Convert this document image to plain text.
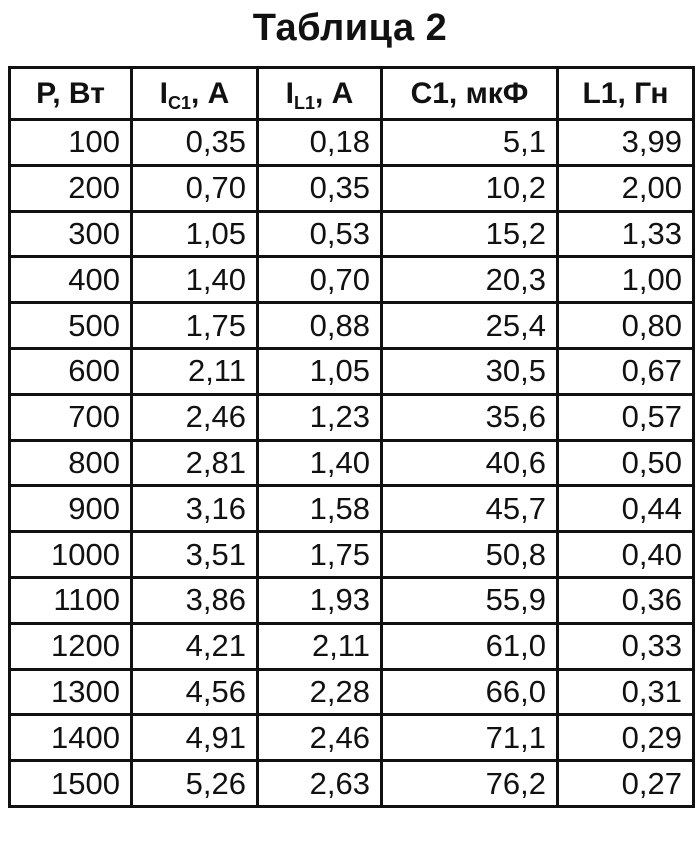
Таблица 2
P, Вт	$I_{C1}$, А	$I_{L1}$, А	C1, мкФ	L1, Гн
100	0,35	0,18	5,1	3,99
200	0,70	0,35	10,2	2,00
300	1,05	0,53	15,2	1,33
400	1,40	0,70	20,3	1,00
500	1,75	0,88	25,4	0,80
600	2,11	1,05	30,5	0,67
700	2,46	1,23	35,6	0,57
800	2,81	1,40	40,6	0,50
900	3,16	1,58	45,7	0,44
1000	3,51	1,75	50,8	0,40
1100	3,86	1,93	55,9	0,36
1200	4,21	2,11	61,0	0,33
1300	4,56	2,28	66,0	0,31
1400	4,91	2,46	71,1	0,29
1500	5,26	2,63	76,2	0,27
